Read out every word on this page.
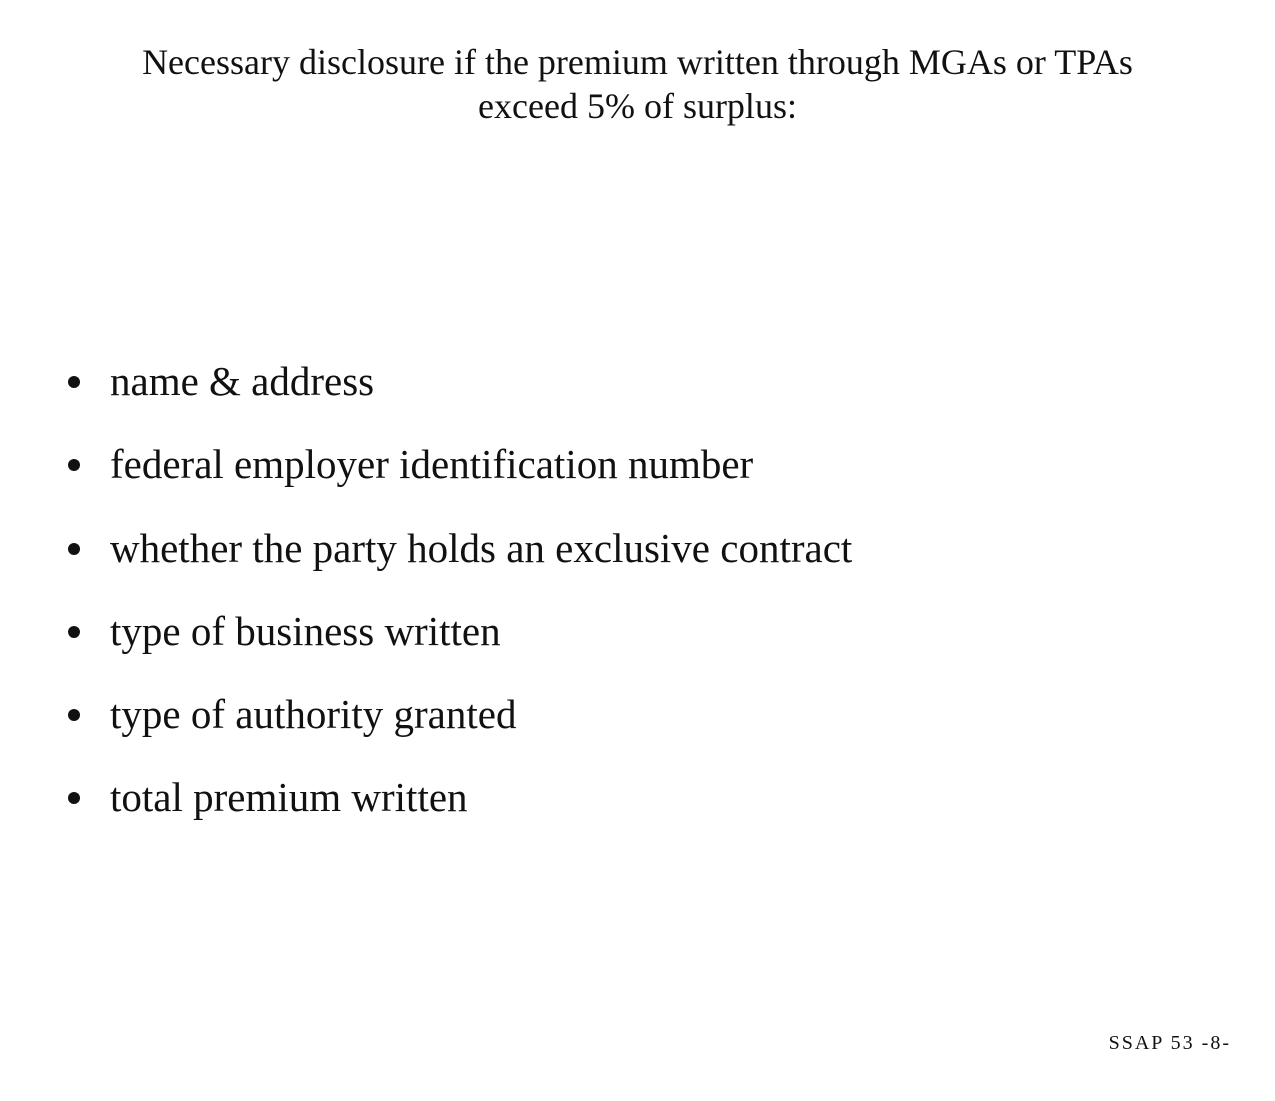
Necessary disclosure if the premium written through MGAs or TPAs
exceed 5% of surplus:
name & address
federal employer identification number
whether the party holds an exclusive contract
type of business written
type of authority granted
total premium written
SSAP 53 -8-
